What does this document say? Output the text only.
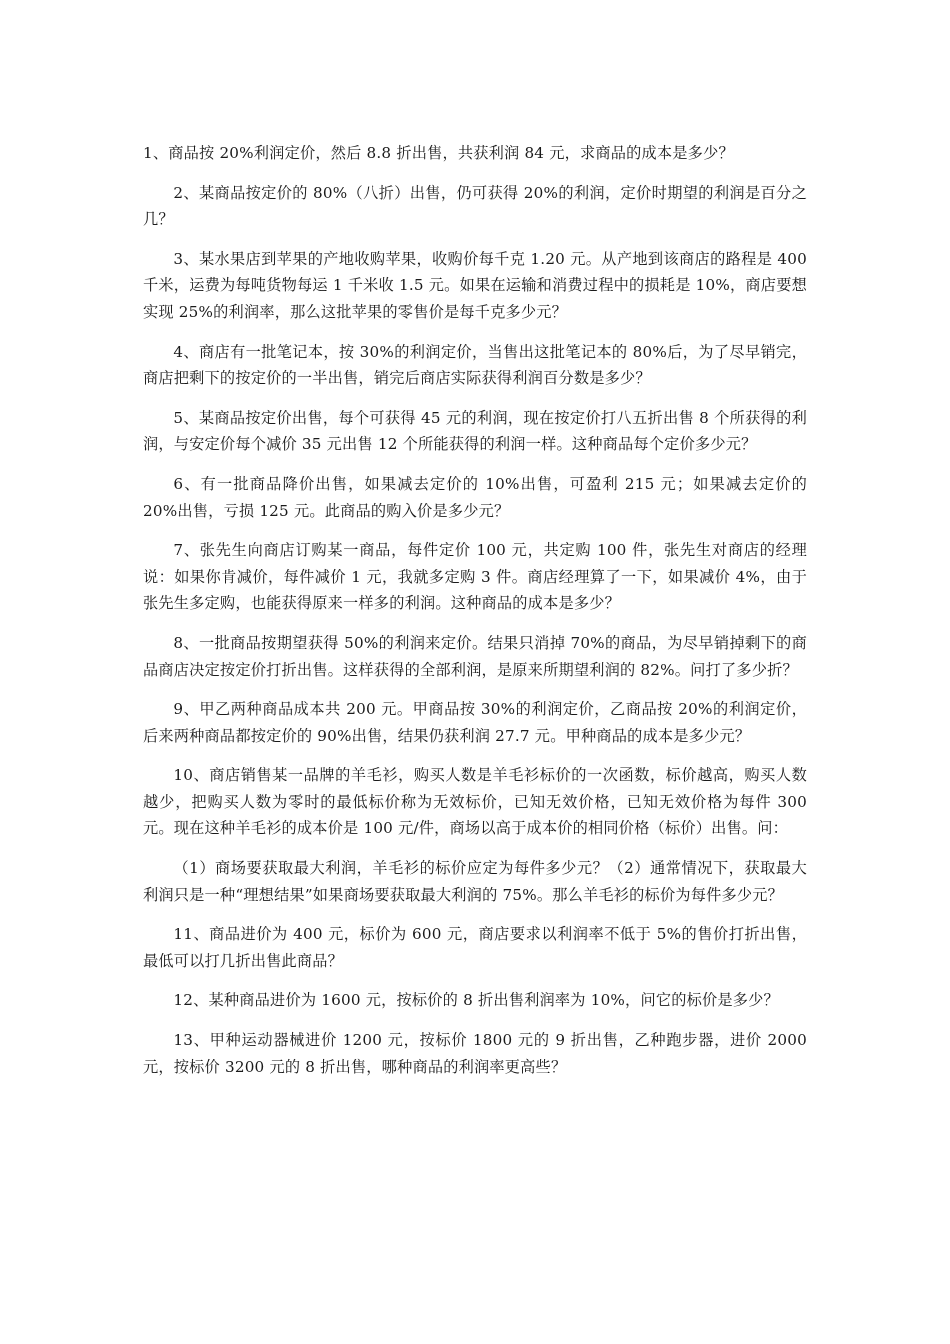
1、商品按 20%利润定价，然后 8.8 折出售，共获利润 84 元，求商品的成本是多少？

2、某商品按定价的 80%（八折）出售，仍可获得 20%的利润，定价时期望的利润是百分之几？

3、某水果店到苹果的产地收购苹果，收购价每千克 1.20 元。从产地到该商店的路程是 400 千米，运费为每吨货物每运 1 千米收 1.5 元。如果在运输和消费过程中的损耗是 10%，商店要想实现 25%的利润率，那么这批苹果的零售价是每千克多少元？

4、商店有一批笔记本，按 30%的利润定价，当售出这批笔记本的 80%后，为了尽早销完，商店把剩下的按定价的一半出售，销完后商店实际获得利润百分数是多少？

5、某商品按定价出售，每个可获得 45 元的利润，现在按定价打八五折出售 8 个所获得的利润，与安定价每个减价 35 元出售 12 个所能获得的利润一样。这种商品每个定价多少元？

6、有一批商品降价出售，如果减去定价的 10%出售，可盈利 215 元；如果减去定价的 20%出售，亏损 125 元。此商品的购入价是多少元？

7、张先生向商店订购某一商品，每件定价 100 元，共定购 100 件，张先生对商店的经理说：如果你肯减价，每件减价 1 元，我就多定购 3 件。商店经理算了一下，如果减价 4%，由于张先生多定购，也能获得原来一样多的利润。这种商品的成本是多少？

8、一批商品按期望获得 50%的利润来定价。结果只消掉 70%的商品，为尽早销掉剩下的商品商店决定按定价打折出售。这样获得的全部利润，是原来所期望利润的 82%。问打了多少折？

9、甲乙两种商品成本共 200 元。甲商品按 30%的利润定价，乙商品按 20%的利润定价，后来两种商品都按定价的 90%出售，结果仍获利润 27.7 元。甲种商品的成本是多少元？

10、商店销售某一品牌的羊毛衫，购买人数是羊毛衫标价的一次函数，标价越高，购买人数越少，把购买人数为零时的最低标价称为无效标价，已知无效价格，已知无效价格为每件 300 元。现在这种羊毛衫的成本价是 100 元/件，商场以高于成本价的相同价格（标价）出售。问：

（1）商场要获取最大利润，羊毛衫的标价应定为每件多少元？（2）通常情况下，获取最大利润只是一种“理想结果”如果商场要获取最大利润的 75%。那么羊毛衫的标价为每件多少元？

11、商品进价为 400 元，标价为 600 元，商店要求以利润率不低于 5%的售价打折出售，最低可以打几折出售此商品？

12、某种商品进价为 1600 元，按标价的 8 折出售利润率为 10%，问它的标价是多少？

13、甲种运动器械进价 1200 元，按标价 1800 元的 9 折出售，乙种跑步器，进价 2000 元，按标价 3200 元的 8 折出售，哪种商品的利润率更高些？
